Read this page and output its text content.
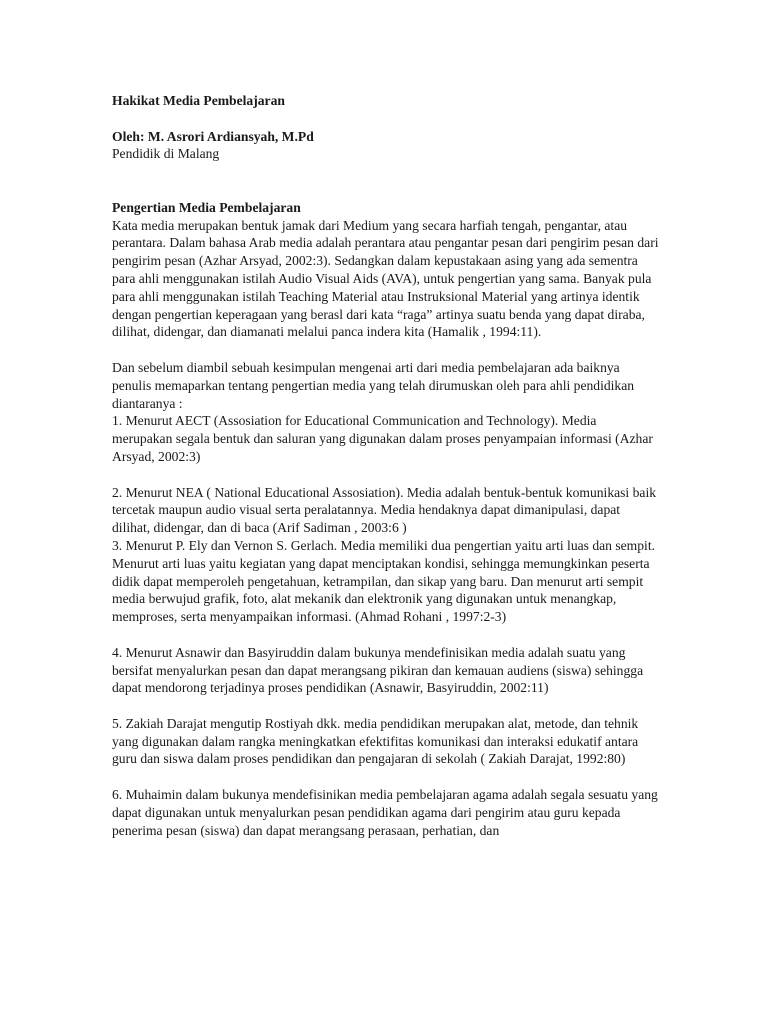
Hakikat Media Pembelajaran

Oleh: M. Asrori Ardiansyah, M.Pd

Pendidik di Malang

Pengertian Media Pembelajaran

Kata media merupakan bentuk jamak dari Medium yang secara harfiah tengah, pengantar, atau perantara. Dalam bahasa Arab media adalah perantara atau pengantar pesan dari pengirim pesan dari pengirim pesan (Azhar Arsyad, 2002:3). Sedangkan dalam kepustakaan asing yang ada sementra para ahli menggunakan istilah Audio Visual Aids (AVA), untuk pengertian yang sama. Banyak pula para ahli menggunakan istilah Teaching Material atau Instruksional Material yang artinya identik dengan pengertian keperagaan yang berasl dari kata “raga” artinya suatu benda yang dapat diraba, dilihat, didengar, dan diamanati melalui panca indera kita (Hamalik , 1994:11).

Dan sebelum diambil sebuah kesimpulan mengenai arti dari media pembelajaran ada baiknya penulis memaparkan tentang pengertian media yang telah dirumuskan oleh para ahli pendidikan diantaranya :

1. Menurut AECT (Assosiation for Educational Communication and Technology). Media merupakan segala bentuk dan saluran yang digunakan dalam proses penyampaian informasi (Azhar Arsyad, 2002:3)

2. Menurut NEA ( National Educational Assosiation). Media adalah bentuk-bentuk komunikasi baik tercetak maupun audio visual serta peralatannya. Media hendaknya dapat dimanipulasi, dapat dilihat, didengar, dan di baca (Arif Sadiman , 2003:6 )

3. Menurut P. Ely dan Vernon S. Gerlach. Media memiliki dua pengertian yaitu arti luas dan sempit. Menurut arti luas yaitu kegiatan yang dapat menciptakan kondisi, sehingga memungkinkan peserta didik dapat memperoleh pengetahuan, ketrampilan, dan sikap yang baru. Dan menurut arti sempit media berwujud grafik, foto, alat mekanik dan elektronik yang digunakan untuk menangkap, memproses, serta menyampaikan informasi. (Ahmad Rohani , 1997:2-3)

4. Menurut Asnawir dan Basyiruddin dalam bukunya mendefinisikan media adalah suatu yang bersifat menyalurkan pesan dan dapat merangsang pikiran dan kemauan audiens (siswa) sehingga dapat mendorong terjadinya proses pendidikan (Asnawir, Basyiruddin, 2002:11)

5. Zakiah Darajat mengutip Rostiyah dkk. media pendidikan merupakan alat, metode, dan tehnik yang digunakan dalam rangka meningkatkan efektifitas komunikasi dan interaksi edukatif antara guru dan siswa dalam proses pendidikan dan pengajaran di sekolah ( Zakiah Darajat, 1992:80)

6. Muhaimin dalam bukunya mendefisinikan media pembelajaran agama adalah segala sesuatu yang dapat digunakan untuk menyalurkan pesan pendidikan agama dari pengirim atau guru kepada penerima pesan (siswa) dan dapat merangsang perasaan, perhatian, dan
